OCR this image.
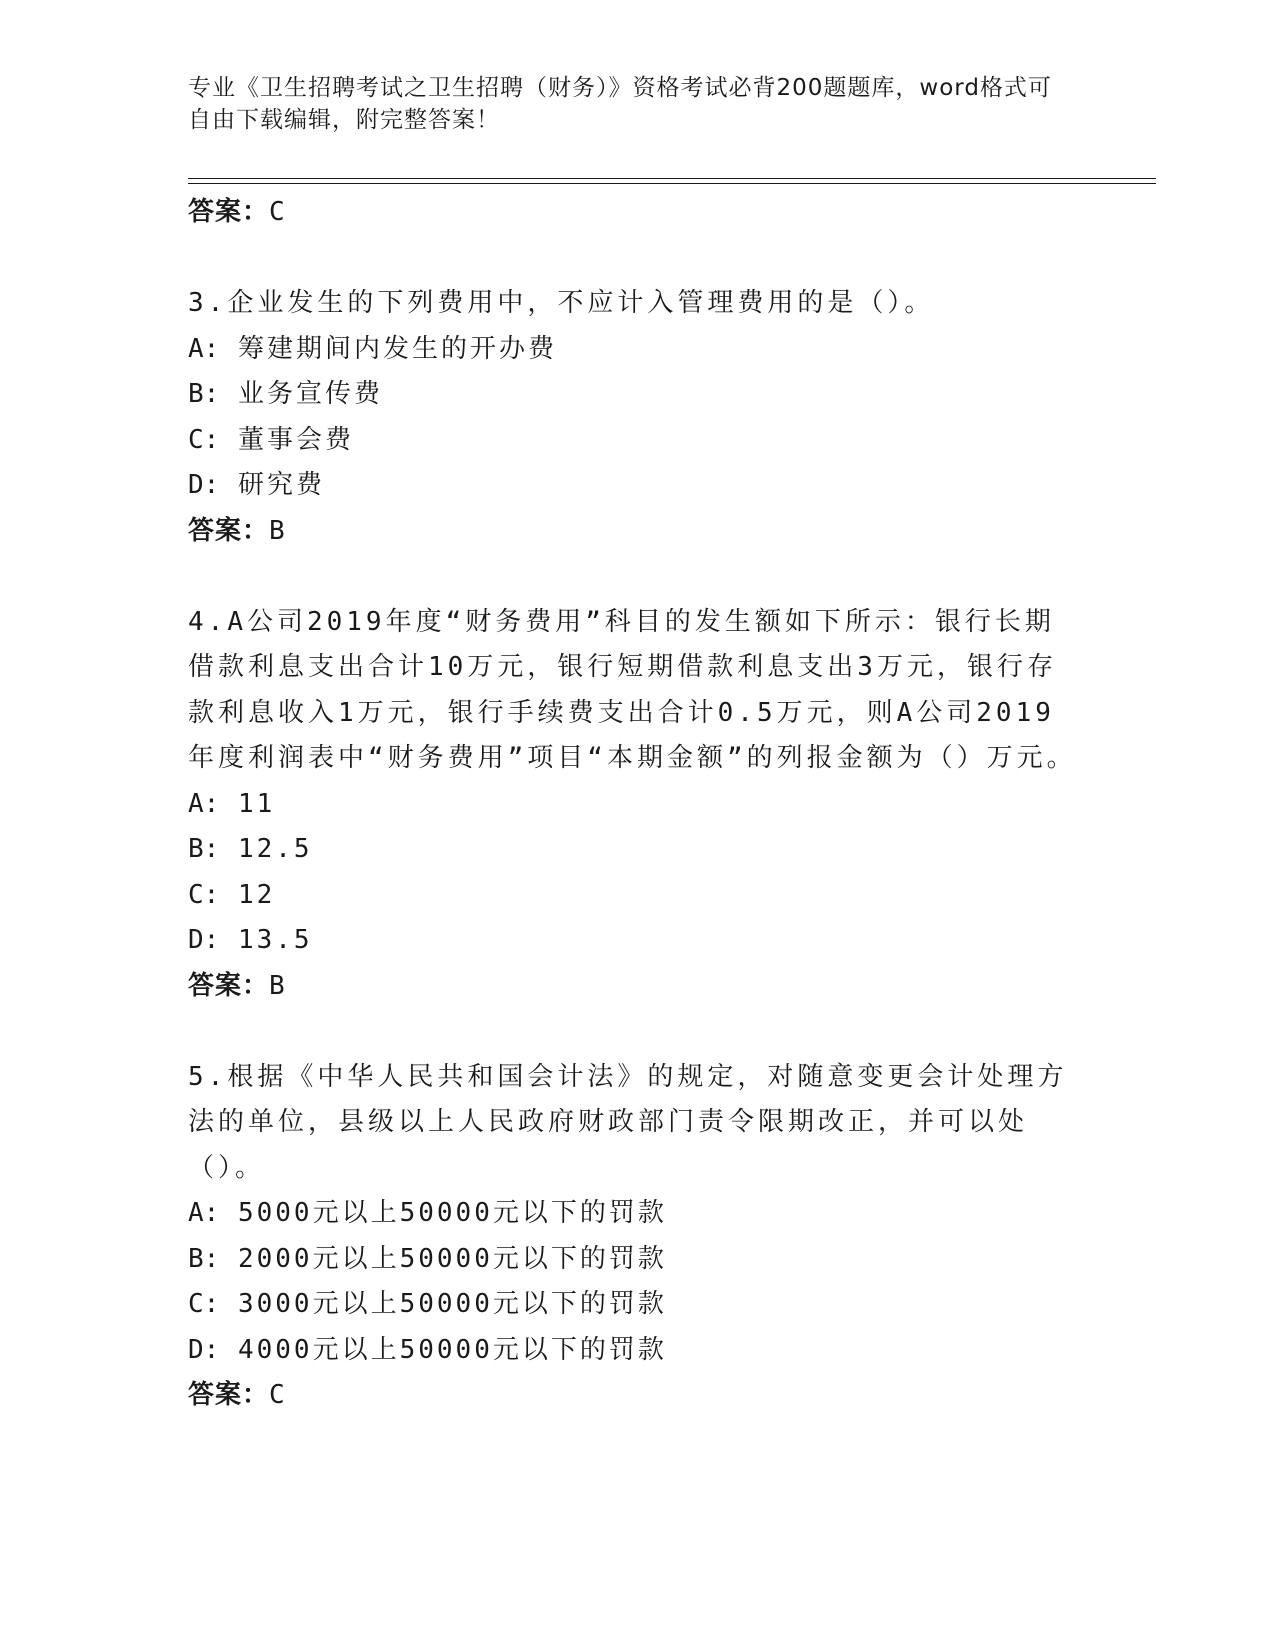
专业《卫生招聘考试之卫生招聘（财务）》资格考试必背200题题库，word格式可自由下载编辑，附完整答案！
答案：C

3.企业发生的下列费用中，不应计入管理费用的是（）。

A: 筹建期间内发生的开办费
B: 业务宣传费
C: 董事会费
D: 研究费
答案：B

4.A公司2019年度“财务费用”科目的发生额如下所示：银行长期借款利息支出合计10万元，银行短期借款利息支出3万元，银行存款利息收入1万元，银行手续费支出合计0.5万元，则A公司2019年度利润表中“财务费用”项目“本期金额”的列报金额为（）万元。

A: 11
B: 12.5
C: 12
D: 13.5
答案：B

5.根据《中华人民共和国会计法》的规定，对随意变更会计处理方法的单位，县级以上人民政府财政部门责令限期改正，并可以处（）。

A: 5000元以上50000元以下的罚款
B: 2000元以上50000元以下的罚款
C: 3000元以上50000元以下的罚款
D: 4000元以上50000元以下的罚款
答案：C
